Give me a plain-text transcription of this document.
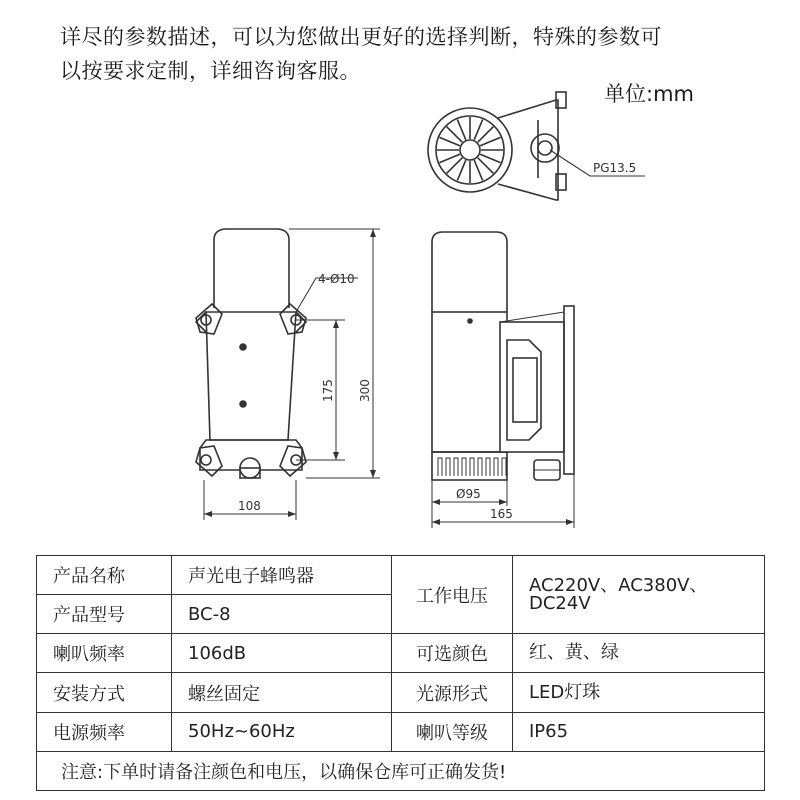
详尽的参数描述，可以为您做出更好的选择判断，特殊的参数可
以按要求定制，详细咨询客服。
单位:mm
PG13.5
4-Ø10
175 300
108
Ø95
165
产品名称	声光电子蜂鸣器	工作电压	AC220V、AC380V、DC24V
产品型号	BC-8		
喇叭频率	106dB	可选颜色	红、黄、绿
安装方式	螺丝固定	光源形式	LED灯珠
电源频率	50Hz~60Hz	喇叭等级	IP65
注意:下单时请备注颜色和电压，以确保仓库可正确发货!			
